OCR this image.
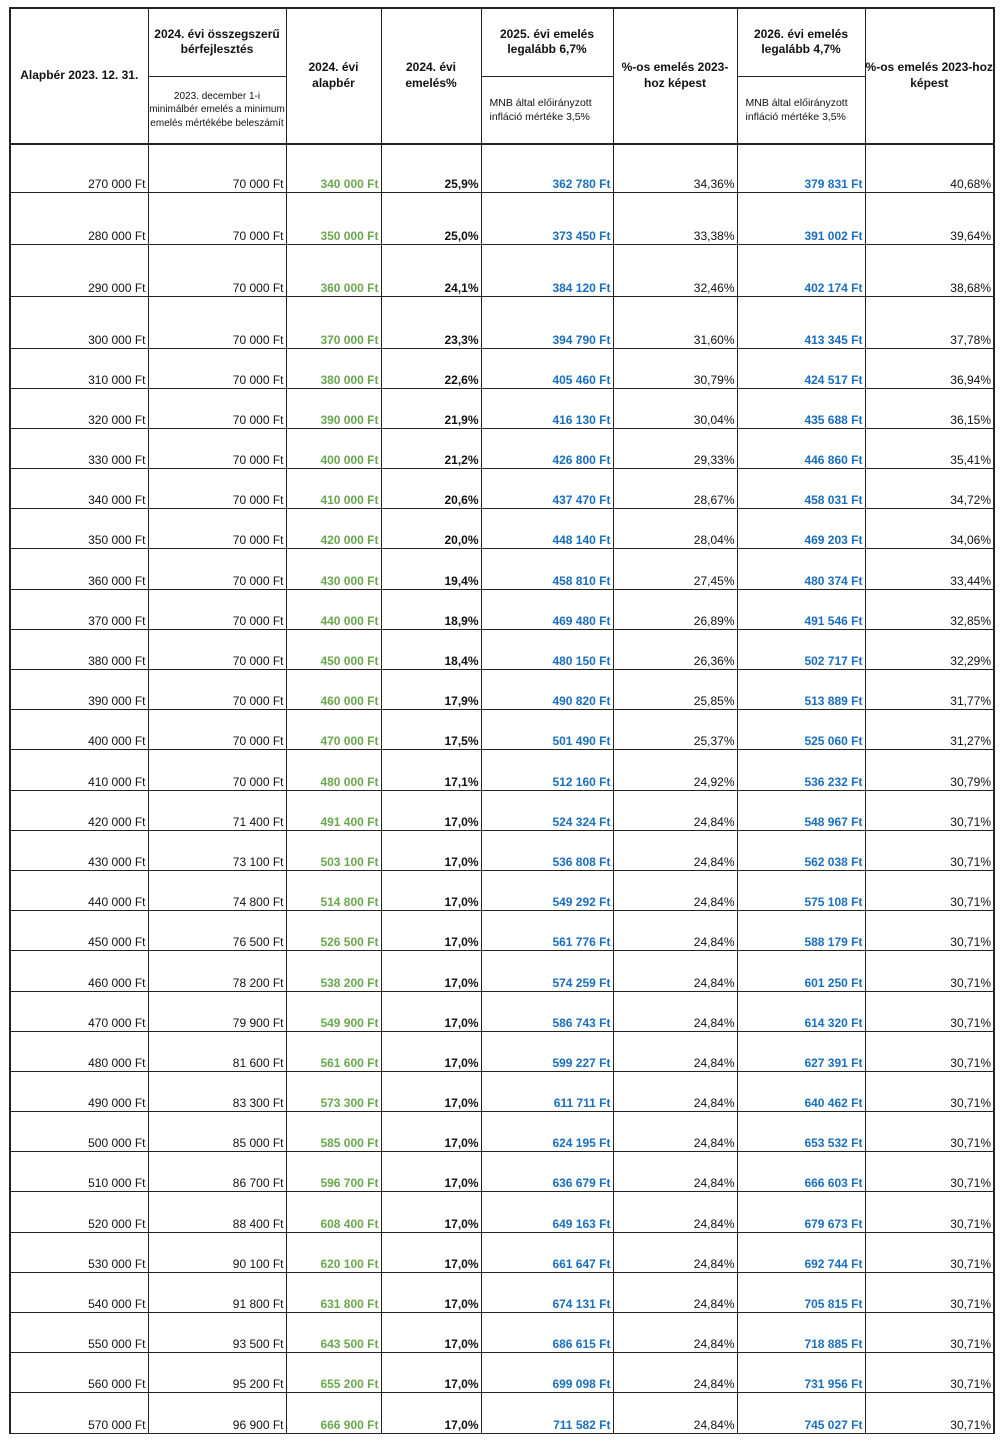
Alapbér 2023. 12. 31.	2024. évi összegszerű bérfejlesztés	2024. évi alapbér	2024. évi emelés%	2025. évi emelés legalább 6,7%	%-os emelés 2023-hoz képest	2026. évi emelés legalább 4,7%	%-os emelés 2023-hoz képest
	2023. december 1-i minimálbér emelés a minimum emelés mértékébe beleszámít			MNB által előirányzott infláció mértéke 3,5%		MNB által előirányzott infláció mértéke 3,5%	
270 000 Ft	70 000 Ft	340 000 Ft	25,9%	362 780 Ft	34,36%	379 831 Ft	40,68%
280 000 Ft	70 000 Ft	350 000 Ft	25,0%	373 450 Ft	33,38%	391 002 Ft	39,64%
290 000 Ft	70 000 Ft	360 000 Ft	24,1%	384 120 Ft	32,46%	402 174 Ft	38,68%
300 000 Ft	70 000 Ft	370 000 Ft	23,3%	394 790 Ft	31,60%	413 345 Ft	37,78%
310 000 Ft	70 000 Ft	380 000 Ft	22,6%	405 460 Ft	30,79%	424 517 Ft	36,94%
320 000 Ft	70 000 Ft	390 000 Ft	21,9%	416 130 Ft	30,04%	435 688 Ft	36,15%
330 000 Ft	70 000 Ft	400 000 Ft	21,2%	426 800 Ft	29,33%	446 860 Ft	35,41%
340 000 Ft	70 000 Ft	410 000 Ft	20,6%	437 470 Ft	28,67%	458 031 Ft	34,72%
350 000 Ft	70 000 Ft	420 000 Ft	20,0%	448 140 Ft	28,04%	469 203 Ft	34,06%
360 000 Ft	70 000 Ft	430 000 Ft	19,4%	458 810 Ft	27,45%	480 374 Ft	33,44%
370 000 Ft	70 000 Ft	440 000 Ft	18,9%	469 480 Ft	26,89%	491 546 Ft	32,85%
380 000 Ft	70 000 Ft	450 000 Ft	18,4%	480 150 Ft	26,36%	502 717 Ft	32,29%
390 000 Ft	70 000 Ft	460 000 Ft	17,9%	490 820 Ft	25,85%	513 889 Ft	31,77%
400 000 Ft	70 000 Ft	470 000 Ft	17,5%	501 490 Ft	25,37%	525 060 Ft	31,27%
410 000 Ft	70 000 Ft	480 000 Ft	17,1%	512 160 Ft	24,92%	536 232 Ft	30,79%
420 000 Ft	71 400 Ft	491 400 Ft	17,0%	524 324 Ft	24,84%	548 967 Ft	30,71%
430 000 Ft	73 100 Ft	503 100 Ft	17,0%	536 808 Ft	24,84%	562 038 Ft	30,71%
440 000 Ft	74 800 Ft	514 800 Ft	17,0%	549 292 Ft	24,84%	575 108 Ft	30,71%
450 000 Ft	76 500 Ft	526 500 Ft	17,0%	561 776 Ft	24,84%	588 179 Ft	30,71%
460 000 Ft	78 200 Ft	538 200 Ft	17,0%	574 259 Ft	24,84%	601 250 Ft	30,71%
470 000 Ft	79 900 Ft	549 900 Ft	17,0%	586 743 Ft	24,84%	614 320 Ft	30,71%
480 000 Ft	81 600 Ft	561 600 Ft	17,0%	599 227 Ft	24,84%	627 391 Ft	30,71%
490 000 Ft	83 300 Ft	573 300 Ft	17,0%	611 711 Ft	24,84%	640 462 Ft	30,71%
500 000 Ft	85 000 Ft	585 000 Ft	17,0%	624 195 Ft	24,84%	653 532 Ft	30,71%
510 000 Ft	86 700 Ft	596 700 Ft	17,0%	636 679 Ft	24,84%	666 603 Ft	30,71%
520 000 Ft	88 400 Ft	608 400 Ft	17,0%	649 163 Ft	24,84%	679 673 Ft	30,71%
530 000 Ft	90 100 Ft	620 100 Ft	17,0%	661 647 Ft	24,84%	692 744 Ft	30,71%
540 000 Ft	91 800 Ft	631 800 Ft	17,0%	674 131 Ft	24,84%	705 815 Ft	30,71%
550 000 Ft	93 500 Ft	643 500 Ft	17,0%	686 615 Ft	24,84%	718 885 Ft	30,71%
560 000 Ft	95 200 Ft	655 200 Ft	17,0%	699 098 Ft	24,84%	731 956 Ft	30,71%
570 000 Ft	96 900 Ft	666 900 Ft	17,0%	711 582 Ft	24,84%	745 027 Ft	30,71%
